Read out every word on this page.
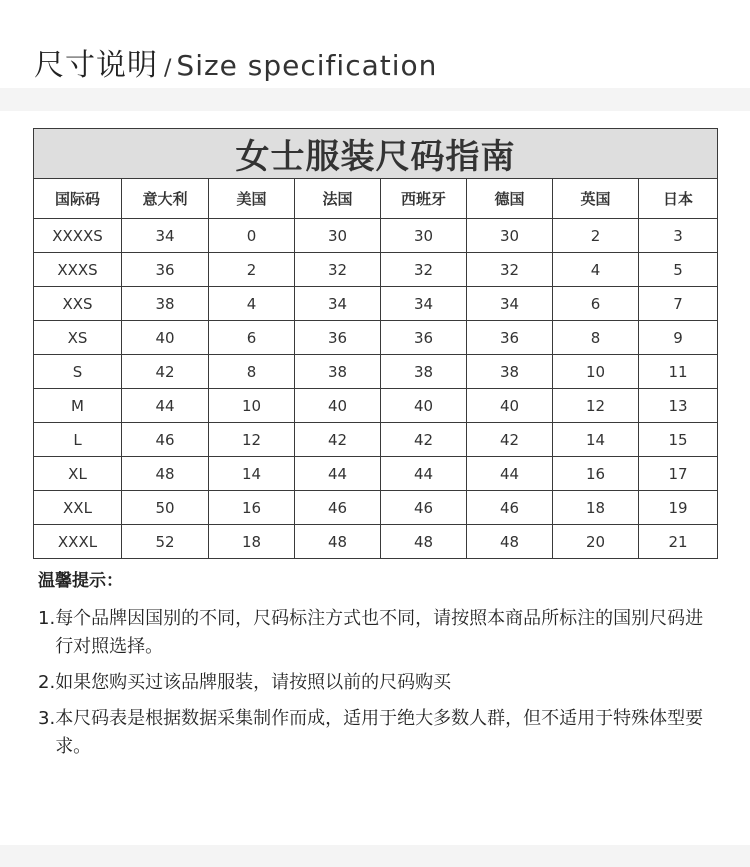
尺寸说明 / Size specification
女士服装尺码指南							
国际码	意大利	美国	法国	西班牙	德国	英国	日本
XXXXS	34	0	30	30	30	2	3
XXXS	36	2	32	32	32	4	5
XXS	38	4	34	34	34	6	7
XS	40	6	36	36	36	8	9
S	42	8	38	38	38	10	11
M	44	10	40	40	40	12	13
L	46	12	42	42	42	14	15
XL	48	14	44	44	44	16	17
XXL	50	16	46	46	46	18	19
XXXL	52	18	48	48	48	20	21
温馨提示：
1. 每个品牌因国别的不同，尺码标注方式也不同，请按照本商品所标注的国别尺码进行对照选择。
2. 如果您购买过该品牌服装，请按照以前的尺码购买
3. 本尺码表是根据数据采集制作而成，适用于绝大多数人群，但不适用于特殊体型要求。
